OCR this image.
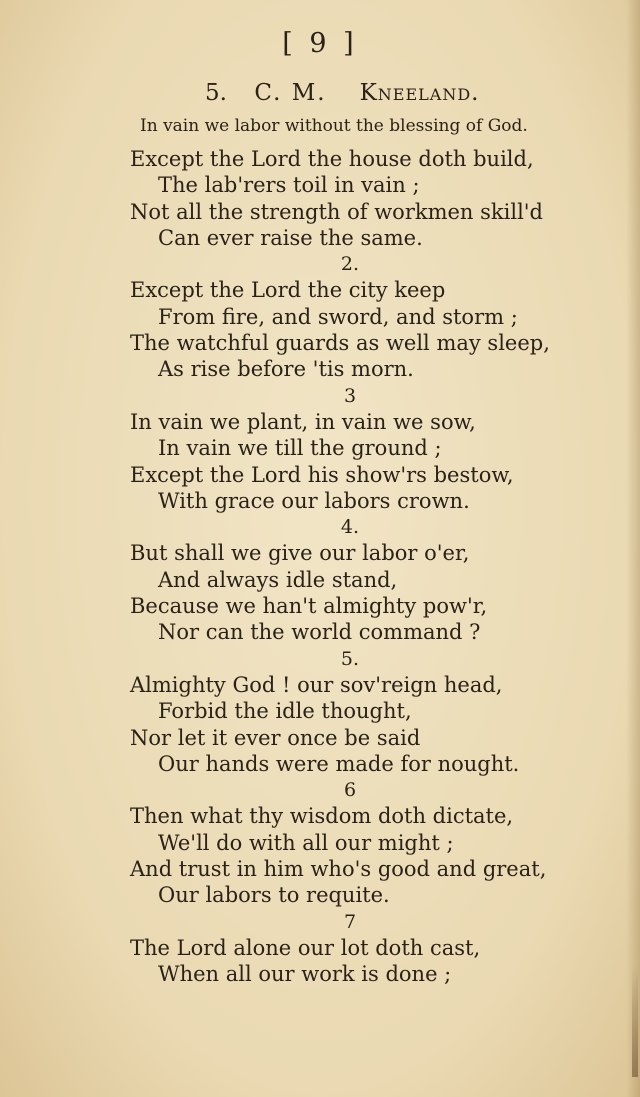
[ 9 ]
5. C. M. Kneeland.
In vain we labor without the blessing of God.
Except the Lord the house doth build,
The lab'rers toil in vain ;
Not all the strength of workmen skill'd
Can ever raise the same.
2.
Except the Lord the city keep
From fire, and sword, and storm ;
The watchful guards as well may sleep,
As rise before 'tis morn.
3
In vain we plant, in vain we sow,
In vain we till the ground ;
Except the Lord his show'rs bestow,
With grace our labors crown.
4.
But shall we give our labor o'er,
And always idle stand,
Because we han't almighty pow'r,
Nor can the world command ?
5.
Almighty God ! our sov'reign head,
Forbid the idle thought,
Nor let it ever once be said
Our hands were made for nought.
6
Then what thy wisdom doth dictate,
We'll do with all our might ;
And trust in him who's good and great,
Our labors to requite.
7
The Lord alone our lot doth cast,
When all our work is done ;
